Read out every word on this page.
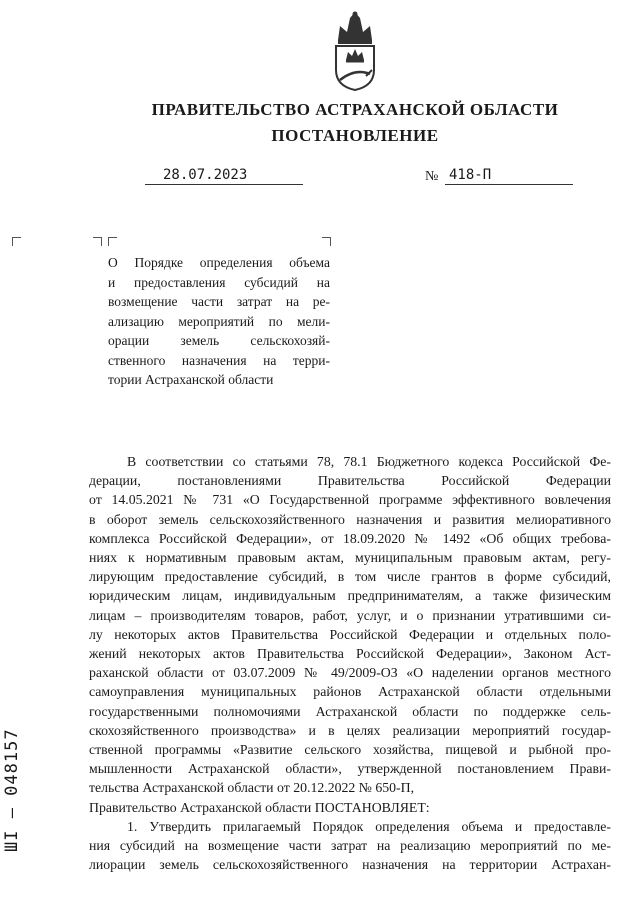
ПРАВИТЕЛЬСТВО АСТРАХАНСКОЙ ОБЛАСТИ
ПОСТАНОВЛЕНИЕ
28.07.2023	№ 418-П
О Порядке определения объема
и предоставления субсидий на
возмещение части затрат на ре-
ализацию мероприятий по мели-
орации земель сельскохозяй-
ственного назначения на терри-
тории Астраханской области
В соответствии со статьями 78, 78.1 Бюджетного кодекса Российской Фе-
дерации, постановлениями Правительства Российской Федерации
от 14.05.2021 № 731 «О Государственной программе эффективного вовлечения
в оборот земель сельскохозяйственного назначения и развития мелиоративного
комплекса Российской Федерации», от 18.09.2020 № 1492 «Об общих требова-
ниях к нормативным правовым актам, муниципальным правовым актам, регу-
лирующим предоставление субсидий, в том числе грантов в форме субсидий,
юридическим лицам, индивидуальным предпринимателям, а также физическим
лицам – производителям товаров, работ, услуг, и о признании утратившими си-
лу некоторых актов Правительства Российской Федерации и отдельных поло-
жений некоторых актов Правительства Российской Федерации», Законом Аст-
раханской области от 03.07.2009 № 49/2009-ОЗ «О наделении органов местного
самоуправления муниципальных районов Астраханской области отдельными
государственными полномочиями Астраханской области по поддержке сель-
скохозяйственного производства» и в целях реализации мероприятий государ-
ственной программы «Развитие сельского хозяйства, пищевой и рыбной про-
мышленности Астраханской области», утвержденной постановлением Прави-
тельства Астраханской области от 20.12.2022 № 650-П,
Правительство Астраханской области ПОСТАНОВЛЯЕТ:
1. Утвердить прилагаемый Порядок определения объема и предоставле-
ния субсидий на возмещение части затрат на реализацию мероприятий по ме-
лиорации земель сельскохозяйственного назначения на территории Астрахан-
ШI – 048157
